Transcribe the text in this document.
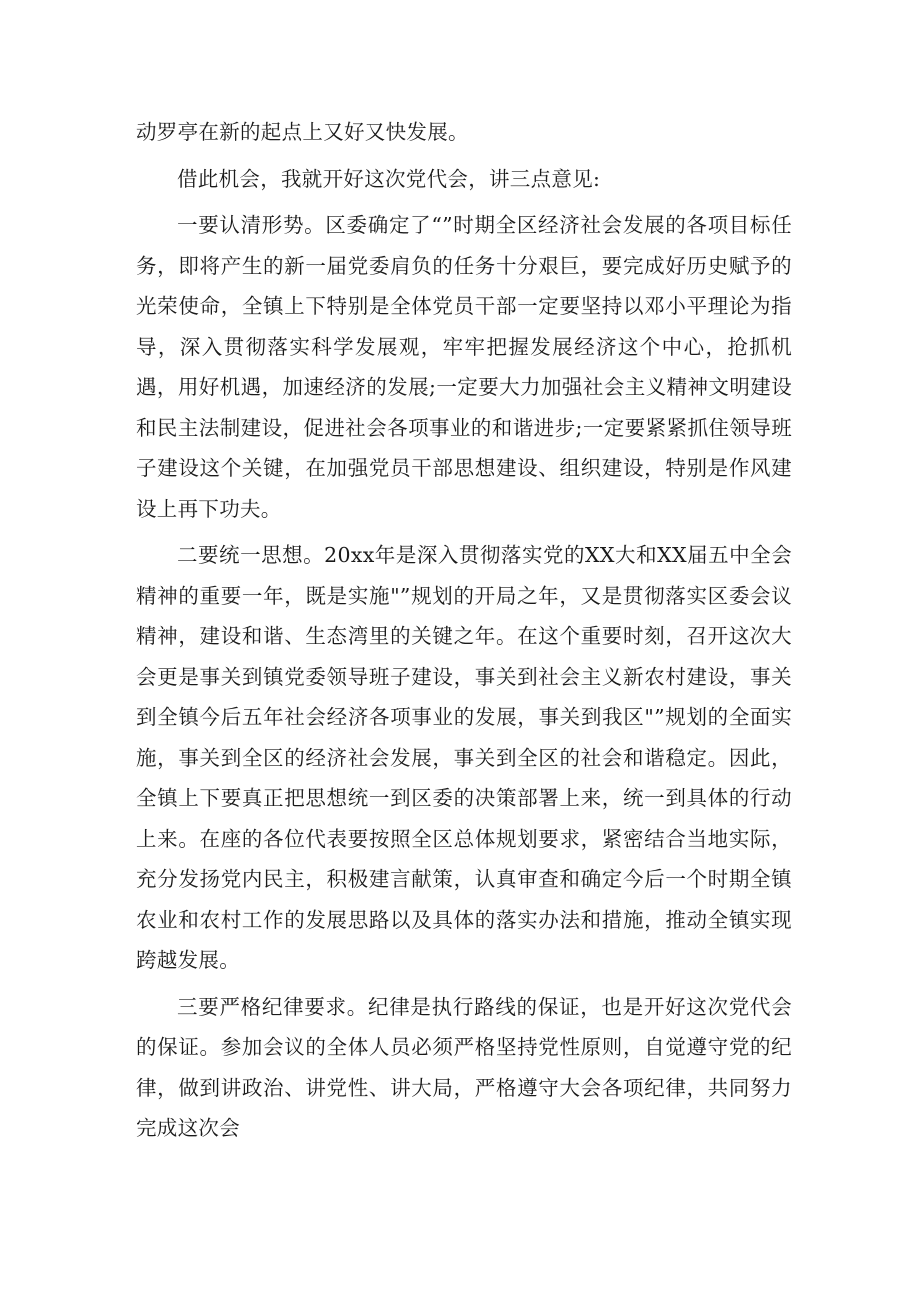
动罗亭在新的起点上又好又快发展。

借此机会，我就开好这次党代会，讲三点意见:

一要认清形势。区委确定了“”时期全区经济社会发展的各项目标任务，即将产生的新一届党委肩负的任务十分艰巨，要完成好历史赋予的光荣使命，全镇上下特别是全体党员干部一定要坚持以邓小平理论为指导，深入贯彻落实科学发展观，牢牢把握发展经济这个中心，抢抓机遇，用好机遇，加速经济的发展;一定要大力加强社会主义精神文明建设和民主法制建设，促进社会各项事业的和谐进步;一定要紧紧抓住领导班子建设这个关键，在加强党员干部思想建设、组织建设，特别是作风建设上再下功夫。

二要统一思想。20xx年是深入贯彻落实党的XX大和XX届五中全会精神的重要一年，既是实施"”规划的开局之年，又是贯彻落实区委会议精神，建设和谐、生态湾里的关键之年。在这个重要时刻，召开这次大会更是事关到镇党委领导班子建设，事关到社会主义新农村建设，事关到全镇今后五年社会经济各项事业的发展，事关到我区"”规划的全面实施，事关到全区的经济社会发展，事关到全区的社会和谐稳定。因此，全镇上下要真正把思想统一到区委的决策部署上来，统一到具体的行动上来。在座的各位代表要按照全区总体规划要求，紧密结合当地实际，充分发扬党内民主，积极建言献策，认真审查和确定今后一个时期全镇农业和农村工作的发展思路以及具体的落实办法和措施，推动全镇实现跨越发展。

三要严格纪律要求。纪律是执行路线的保证，也是开好这次党代会的保证。参加会议的全体人员必须严格坚持党性原则，自觉遵守党的纪律，做到讲政治、讲党性、讲大局，严格遵守大会各项纪律，共同努力完成这次会
